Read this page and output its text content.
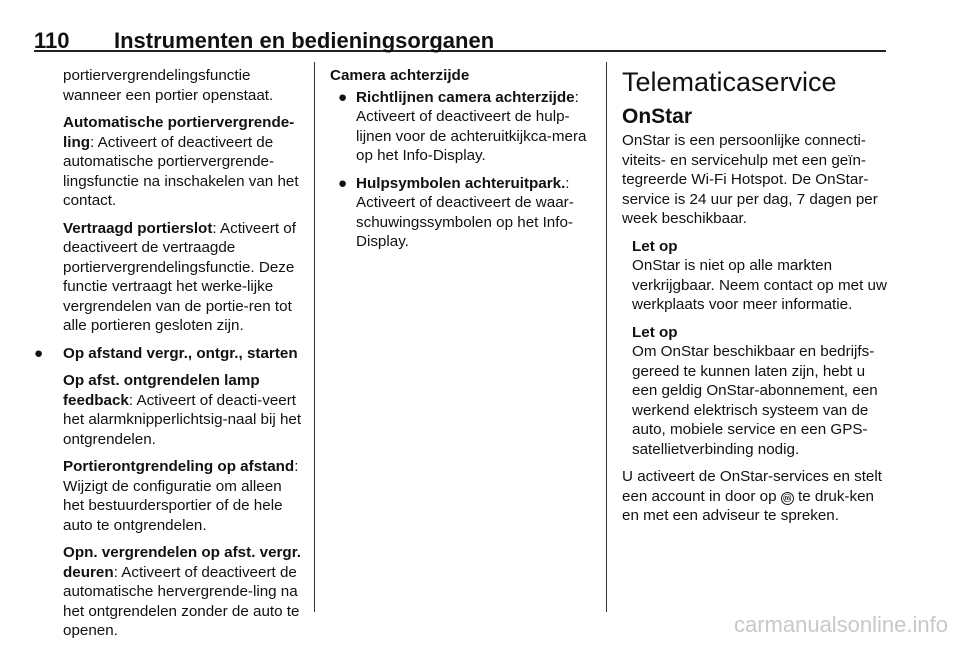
110 Instrumenten en bedieningsorganen

portiervergrendelingsfunctie wanneer een portier openstaat.

Automatische portiervergrende-ling: Activeert of deactiveert de automatische portiervergrende-lingsfunctie na inschakelen van het contact.

Vertraagd portierslot: Activeert of deactiveert de vertraagde portiervergrendelingsfunctie. Deze functie vertraagt het werke-lijke vergrendelen van de portie-ren tot alle portieren gesloten zijn.

● Op afstand vergr., ontgr., starten

Op afst. ontgrendelen lamp feedback: Activeert of deacti-veert het alarmknipperlichtsig-naal bij het ontgrendelen.

Portierontgrendeling op afstand: Wijzigt de configuratie om alleen het bestuurdersportier of de hele auto te ontgrendelen.

Opn. vergrendelen op afst. vergr. deuren: Activeert of deactiveert de automatische hervergrende-ling na het ontgrendelen zonder de auto te openen.

Camera achterzijde

● Richtlijnen camera achterzijde: Activeert of deactiveert de hulp-lijnen voor de achteruitkijkca-mera op het Info-Display.
● Hulpsymbolen achteruitpark.: Activeert of deactiveert de waar-schuwingssymbolen op het Info-Display.
Telematicaservice
OnStar

OnStar is een persoonlijke connecti-viteits- en servicehulp met een geïn-tegreerde Wi-Fi Hotspot. De OnStar-service is 24 uur per dag, 7 dagen per week beschikbaar.

Let op
OnStar is niet op alle markten verkrijgbaar. Neem contact op met uw werkplaats voor meer informatie.
Let op
Om OnStar beschikbaar en bedrijfs-gereed te kunnen laten zijn, hebt u een geldig OnStar-abonnement, een werkend elektrisch systeem van de auto, mobiele service en een GPS-satellietverbinding nodig.

U activeert de OnStar-services en stelt een account in door op ⓜ te druk-ken en met een adviseur te spreken.

carmanualsonline.info
